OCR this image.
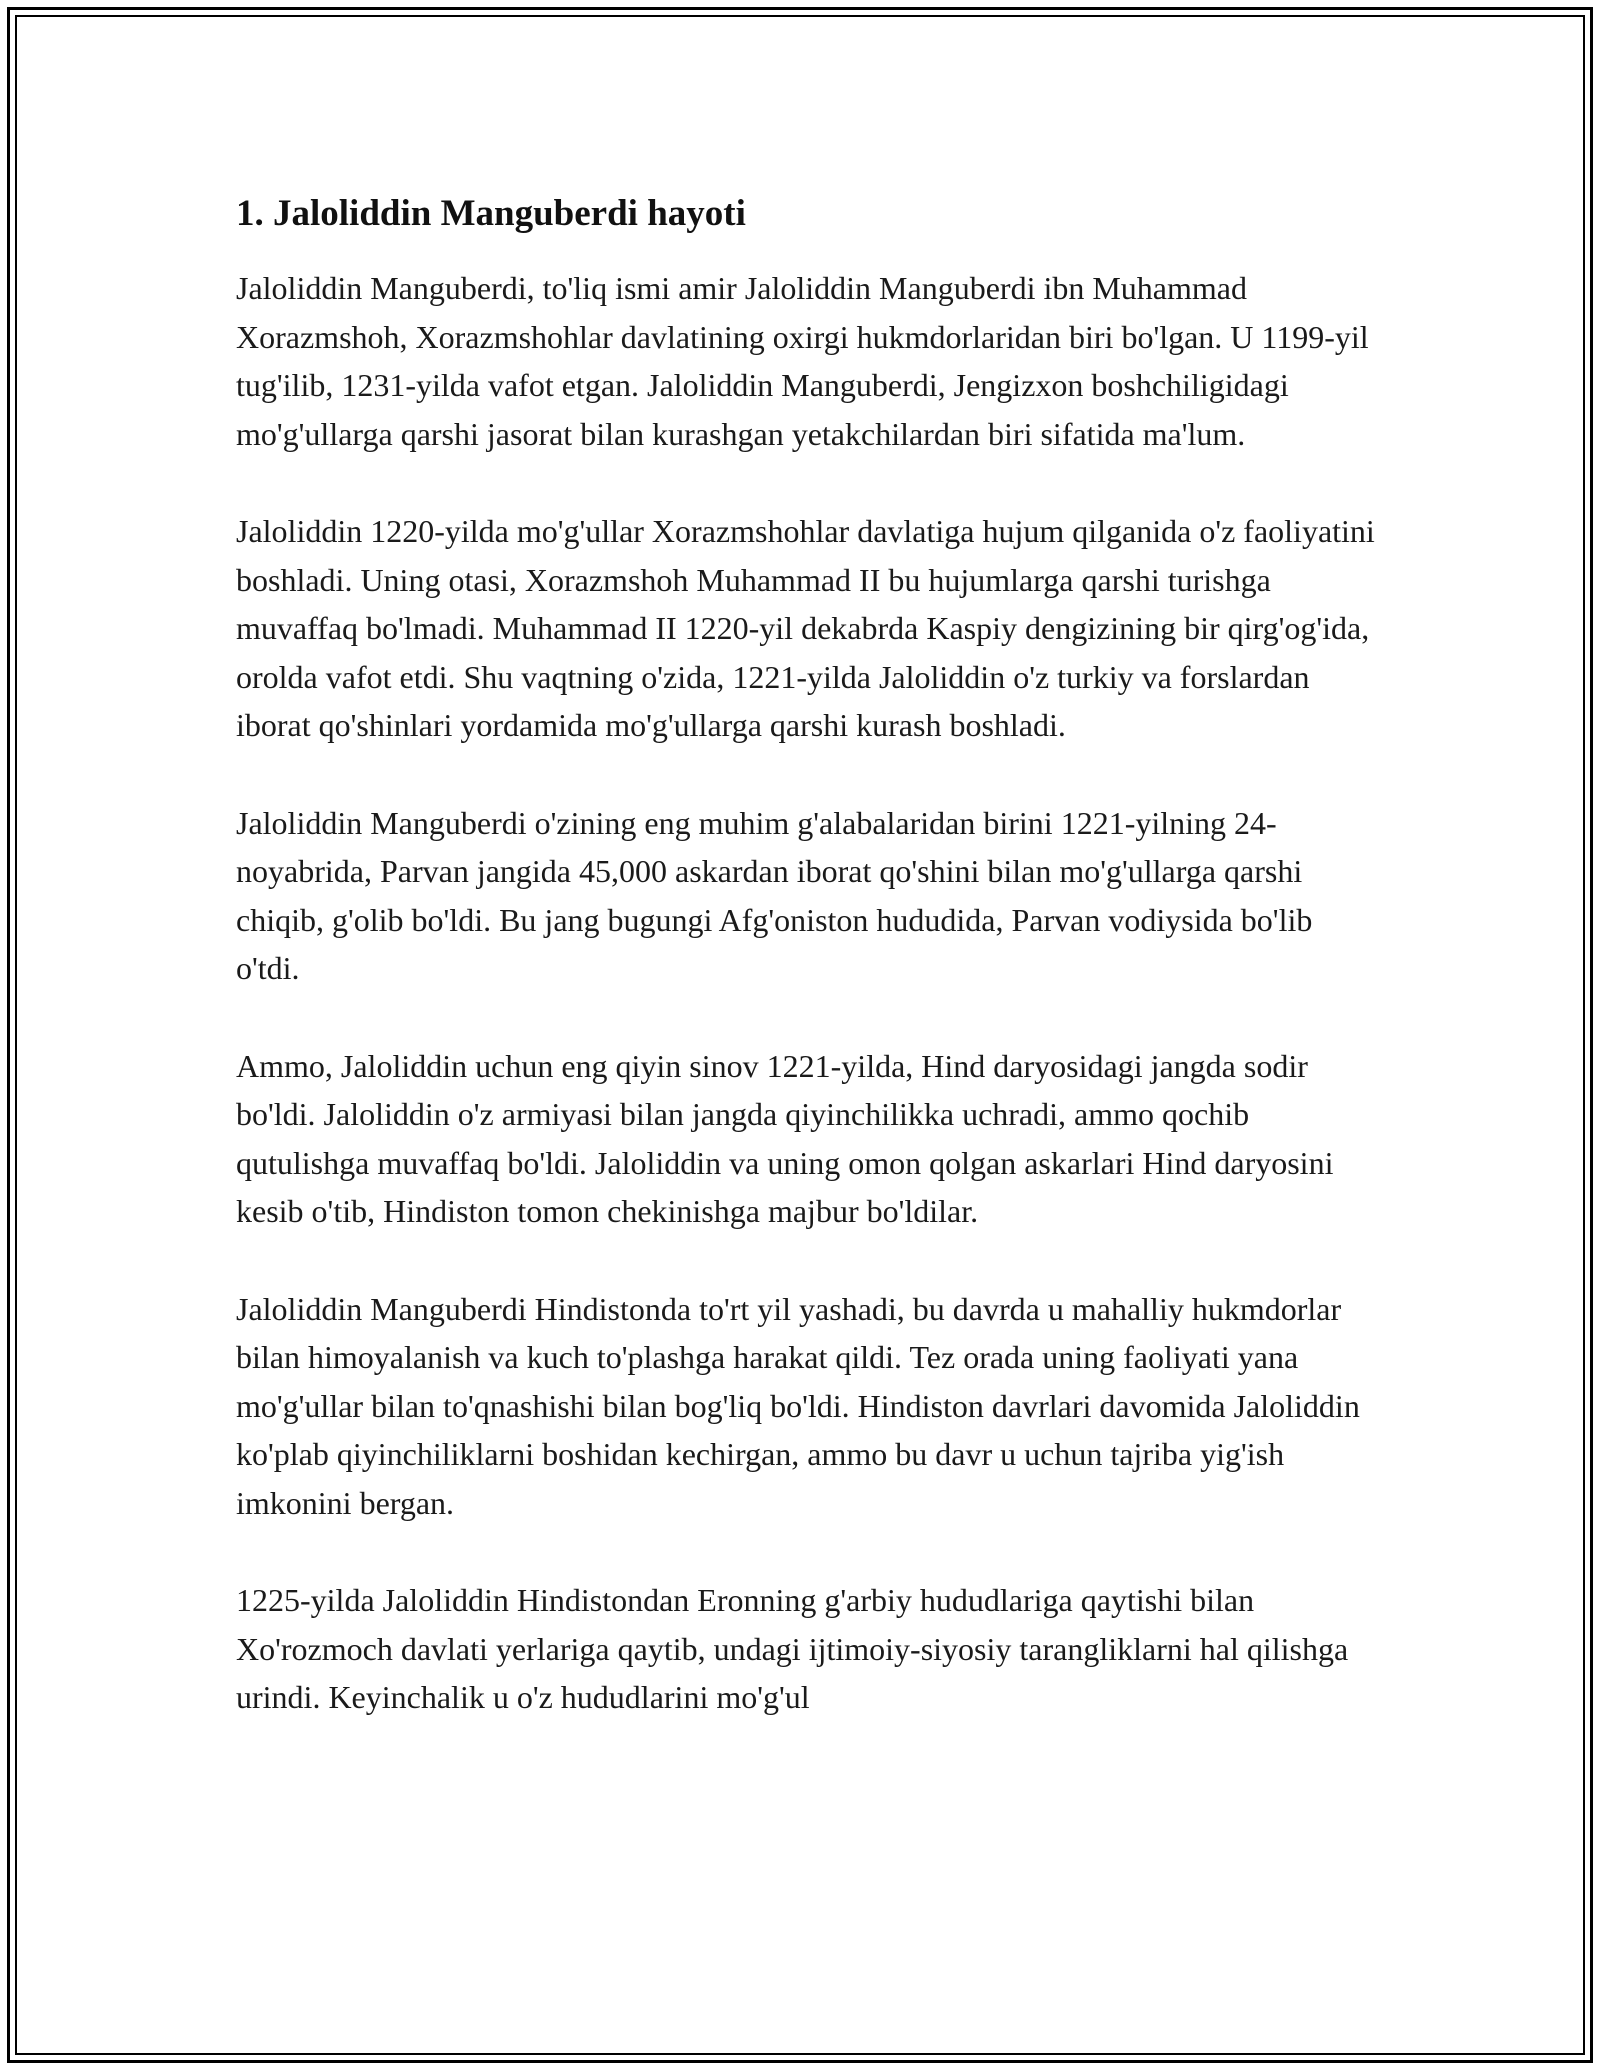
1. Jaloliddin Manguberdi hayoti

Jaloliddin Manguberdi, to'liq ismi amir Jaloliddin Manguberdi ibn Muhammad Xorazmshoh, Xorazmshohlar davlatining oxirgi hukmdorlaridan biri bo'lgan. U 1199-yil tug'ilib, 1231-yilda vafot etgan. Jaloliddin Manguberdi, Jengizxon boshchiligidagi mo'g'ullarga qarshi jasorat bilan kurashgan yetakchilardan biri sifatida ma'lum.

Jaloliddin 1220-yilda mo'g'ullar Xorazmshohlar davlatiga hujum qilganida o'z faoliyatini boshladi. Uning otasi, Xorazmshoh Muhammad II bu hujumlarga qarshi turishga muvaffaq bo'lmadi. Muhammad II 1220-yil dekabrda Kaspiy dengizining bir qirg'og'ida, orolda vafot etdi. Shu vaqtning o'zida, 1221-yilda Jaloliddin o'z turkiy va forslardan iborat qo'shinlari yordamida mo'g'ullarga qarshi kurash boshladi.

Jaloliddin Manguberdi o'zining eng muhim g'alabalaridan birini 1221-yilning 24-noyabrida, Parvan jangida 45,000 askardan iborat qo'shini bilan mo'g'ullarga qarshi chiqib, g'olib bo'ldi. Bu jang bugungi Afg'oniston hududida, Parvan vodiysida bo'lib o'tdi.

Ammo, Jaloliddin uchun eng qiyin sinov 1221-yilda, Hind daryosidagi jangda sodir bo'ldi. Jaloliddin o'z armiyasi bilan jangda qiyinchilikka uchradi, ammo qochib qutulishga muvaffaq bo'ldi. Jaloliddin va uning omon qolgan askarlari Hind daryosini kesib o'tib, Hindiston tomon chekinishga majbur bo'ldilar.

Jaloliddin Manguberdi Hindistonda to'rt yil yashadi, bu davrda u mahalliy hukmdorlar bilan himoyalanish va kuch to'plashga harakat qildi. Tez orada uning faoliyati yana mo'g'ullar bilan to'qnashishi bilan bog'liq bo'ldi. Hindiston davrlari davomida Jaloliddin ko'plab qiyinchiliklarni boshidan kechirgan, ammo bu davr u uchun tajriba yig'ish imkonini bergan.

1225-yilda Jaloliddin Hindistondan Eronning g'arbiy hududlariga qaytishi bilan Xo'rozmoch davlati yerlariga qaytib, undagi ijtimoiy-siyosiy tarangliklarni hal qilishga urindi. Keyinchalik u o'z hududlarini mo'g'ul
